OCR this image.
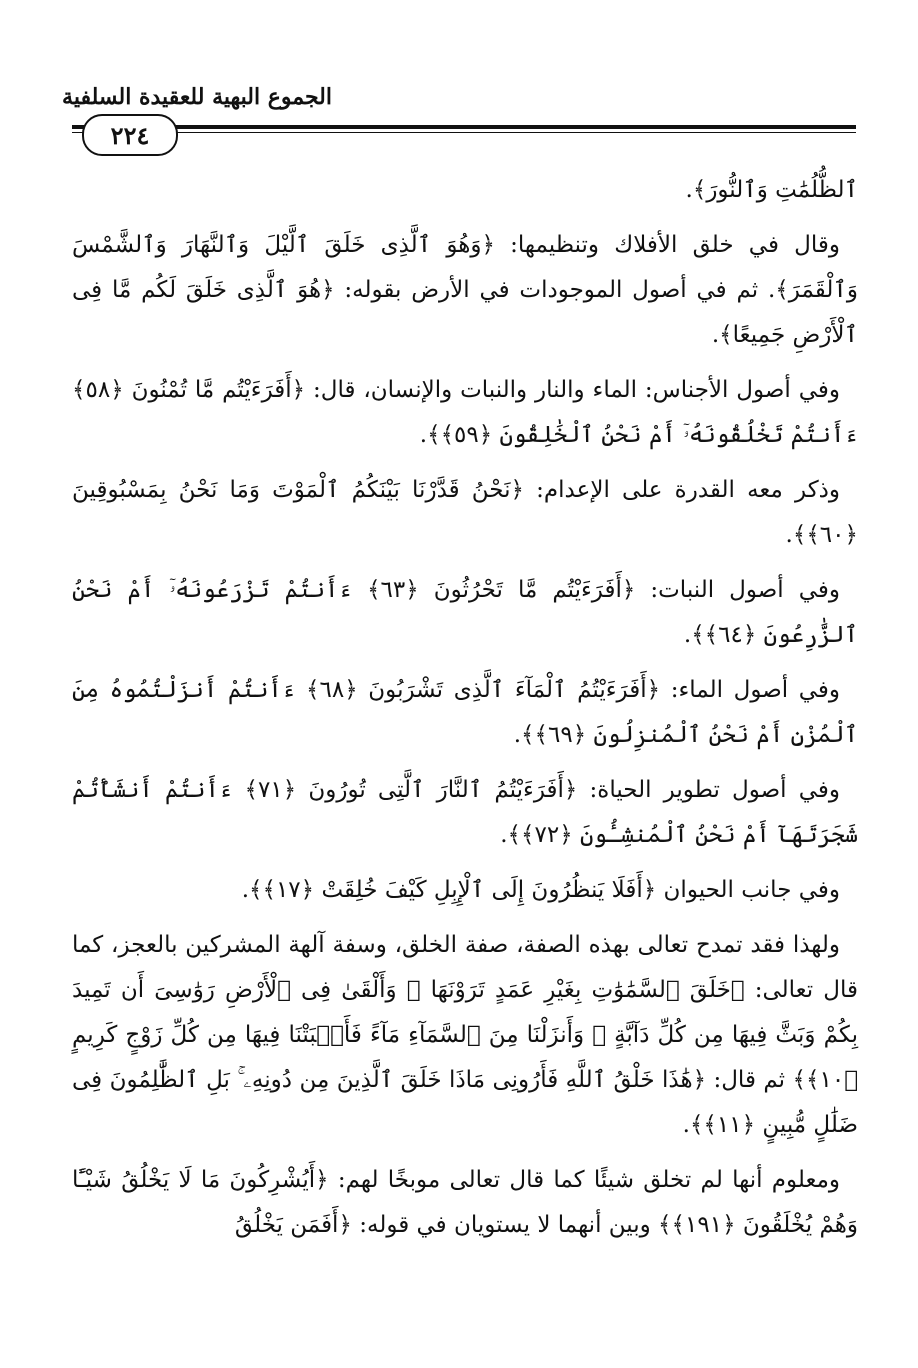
الجموع البهية للعقيدة السلفية
٢٢٤

ٱلظُّلُمَٰتِ وَٱلنُّورَ﴾.

وقال في خلق الأفلاك وتنظيمها: ﴿وَهُوَ ٱلَّذِى خَلَقَ ٱلَّيْلَ وَٱلنَّهَارَ وَٱلشَّمْسَ وَٱلْقَمَرَ﴾. ثم في أصول الموجودات في الأرض بقوله: ﴿هُوَ ٱلَّذِى خَلَقَ لَكُم مَّا فِى ٱلْأَرْضِ جَمِيعًا﴾.

وفي أصول الأجناس: الماء والنار والنبات والإنسان، قال: ﴿أَفَرَءَيْتُم مَّا تُمْنُونَ ﴿٥٨﴾ ءَأَنتُمْ تَخْلُقُونَهُۥٓ أَمْ نَحْنُ ٱلْخَٰلِقُونَ ﴿٥٩﴾﴾.

وذكر معه القدرة على الإعدام: ﴿نَحْنُ قَدَّرْنَا بَيْنَكُمُ ٱلْمَوْتَ وَمَا نَحْنُ بِمَسْبُوقِينَ ﴿٦٠﴾﴾.

وفي أصول النبات: ﴿أَفَرَءَيْتُم مَّا تَحْرُثُونَ ﴿٦٣﴾ ءَأَنتُمْ تَزْرَعُونَهُۥٓ أَمْ نَحْنُ ٱلزَّٰرِعُونَ ﴿٦٤﴾﴾.

وفي أصول الماء: ﴿أَفَرَءَيْتُمُ ٱلْمَآءَ ٱلَّذِى تَشْرَبُونَ ﴿٦٨﴾ ءَأَنتُمْ أَنزَلْتُمُوهُ مِنَ ٱلْمُزْنِ أَمْ نَحْنُ ٱلْمُنزِلُونَ ﴿٦٩﴾﴾.

وفي أصول تطوير الحياة: ﴿أَفَرَءَيْتُمُ ٱلنَّارَ ٱلَّتِى تُورُونَ ﴿٧١﴾ ءَأَنتُمْ أَنشَأْتُمْ شَجَرَتَهَآ أَمْ نَحْنُ ٱلْمُنشِـُٔونَ ﴿٧٢﴾﴾.

وفي جانب الحيوان ﴿أَفَلَا يَنظُرُونَ إِلَى ٱلْإِبِلِ كَيْفَ خُلِقَتْ ﴿١٧﴾﴾.

ولهذا فقد تمدح تعالى بهذه الصفة، صفة الخلق، وسفة آلهة المشركين بالعجز، كما قال تعالى: ﴿خَلَقَ ٱلسَّمَٰوَٰتِ بِغَيْرِ عَمَدٍ تَرَوْنَهَا ۖ وَأَلْقَىٰ فِى ٱلْأَرْضِ رَوَٰسِىَ أَن تَمِيدَ بِكُمْ وَبَثَّ فِيهَا مِن كُلِّ دَآبَّةٍ ۚ وَأَنزَلْنَا مِنَ ٱلسَّمَآءِ مَآءً فَأَنۢبَتْنَا فِيهَا مِن كُلِّ زَوْجٍ كَرِيمٍ ﴿١٠﴾﴾ ثم قال: ﴿هَٰذَا خَلْقُ ٱللَّهِ فَأَرُونِى مَاذَا خَلَقَ ٱلَّذِينَ مِن دُونِهِۦ ۚ بَلِ ٱلظَّٰلِمُونَ فِى ضَلَٰلٍ مُّبِينٍ ﴿١١﴾﴾.

ومعلوم أنها لم تخلق شيئًا كما قال تعالى موبخًا لهم: ﴿أَيُشْرِكُونَ مَا لَا يَخْلُقُ شَيْـًٔا وَهُمْ يُخْلَقُونَ ﴿١٩١﴾﴾ وبين أنهما لا يستويان في قوله: ﴿أَفَمَن يَخْلُقُ
